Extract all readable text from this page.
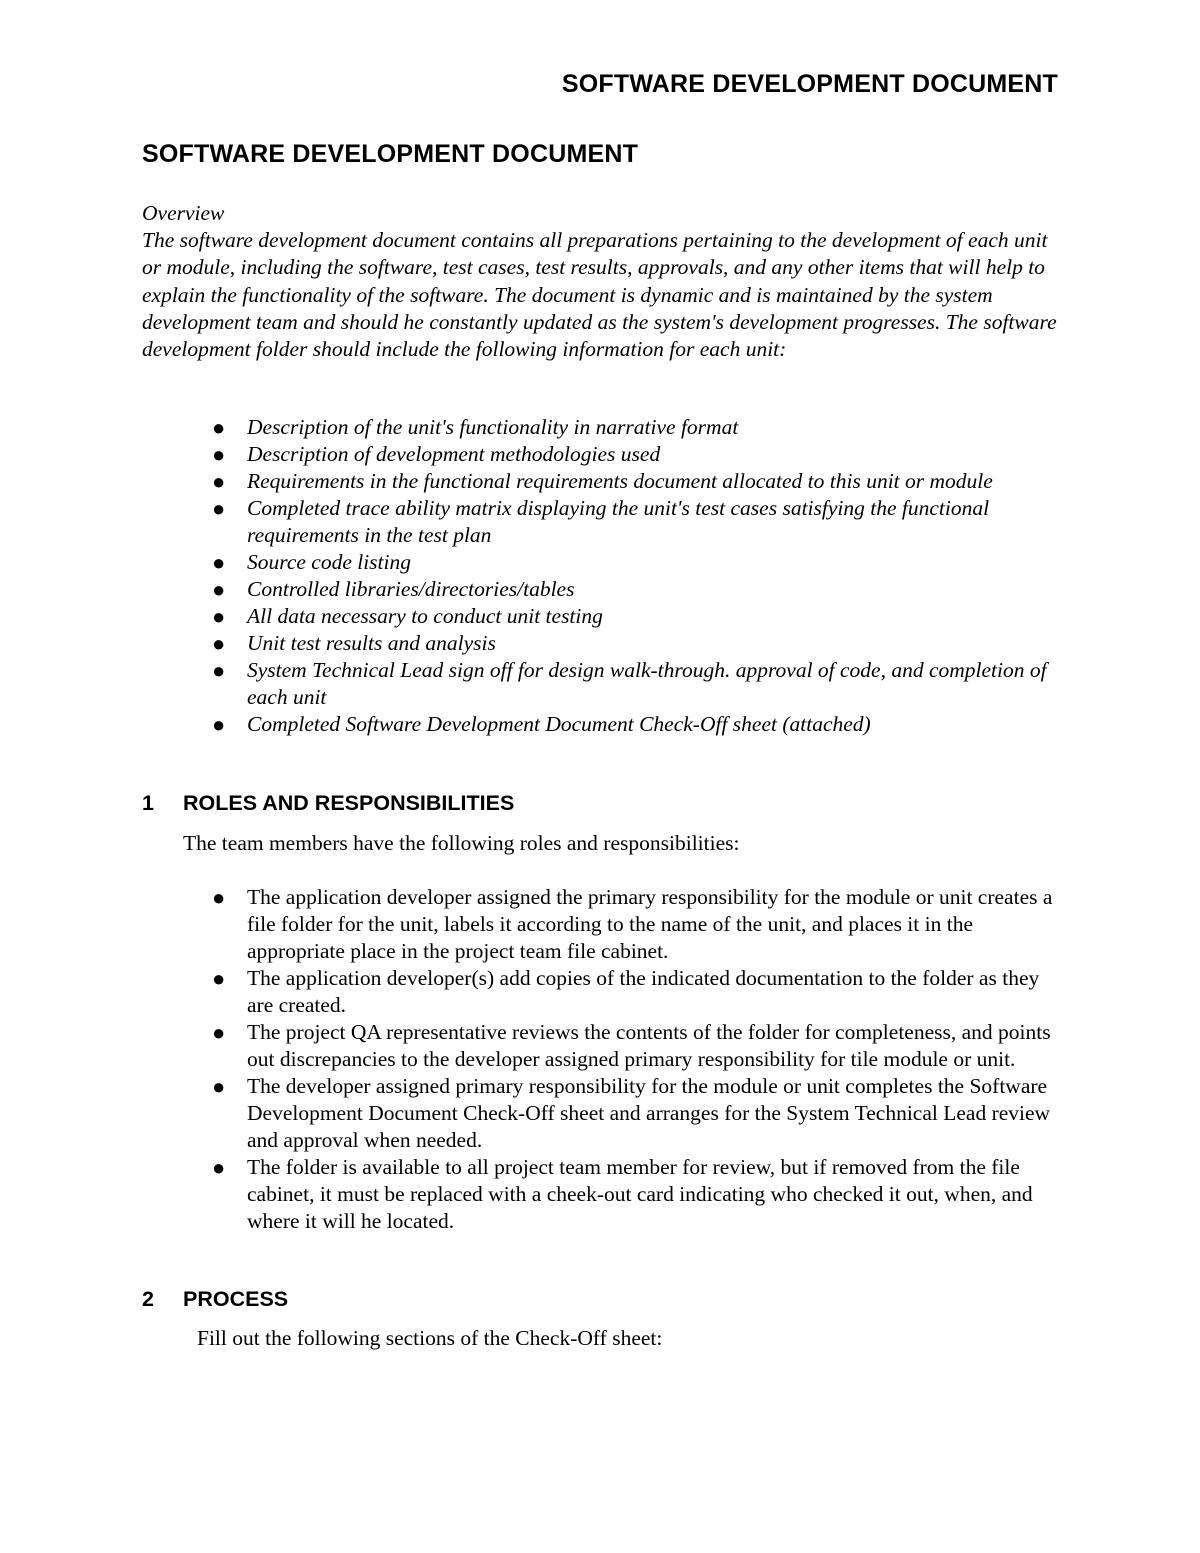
SOFTWARE DEVELOPMENT DOCUMENT
SOFTWARE DEVELOPMENT DOCUMENT

Overview

The software development document contains all preparations pertaining to the development of each unit or module, including the software, test cases, test results, approvals, and any other items that will help to explain the functionality of the software. The document is dynamic and is maintained by the system development team and should he constantly updated as the system's development progresses. The software development folder should include the following information for each unit:

● Description of the unit's functionality in narrative format
● Description of development methodologies used
● Requirements in the functional requirements document allocated to this unit or module
● Completed trace ability matrix displaying the unit's test cases satisfying the functional requirements in the test plan
● Source code listing
● Controlled libraries/directories/tables
● All data necessary to conduct unit testing
● Unit test results and analysis
● System Technical Lead sign off for design walk-through. approval of code, and completion of each unit
● Completed Software Development Document Check-Off sheet (attached)
1 ROLES AND RESPONSIBILITIES

The team members have the following roles and responsibilities:

● The application developer assigned the primary responsibility for the module or unit creates a file folder for the unit, labels it according to the name of the unit, and places it in the appropriate place in the project team file cabinet.
● The application developer(s) add copies of the indicated documentation to the folder as they are created.
● The project QA representative reviews the contents of the folder for completeness, and points out discrepancies to the developer assigned primary responsibility for tile module or unit.
● The developer assigned primary responsibility for the module or unit completes the Software Development Document Check-Off sheet and arranges for the System Technical Lead review and approval when needed.
● The folder is available to all project team member for review, but if removed from the file cabinet, it must be replaced with a cheek-out card indicating who checked it out, when, and where it will he located.
2 PROCESS

Fill out the following sections of the Check-Off sheet:
